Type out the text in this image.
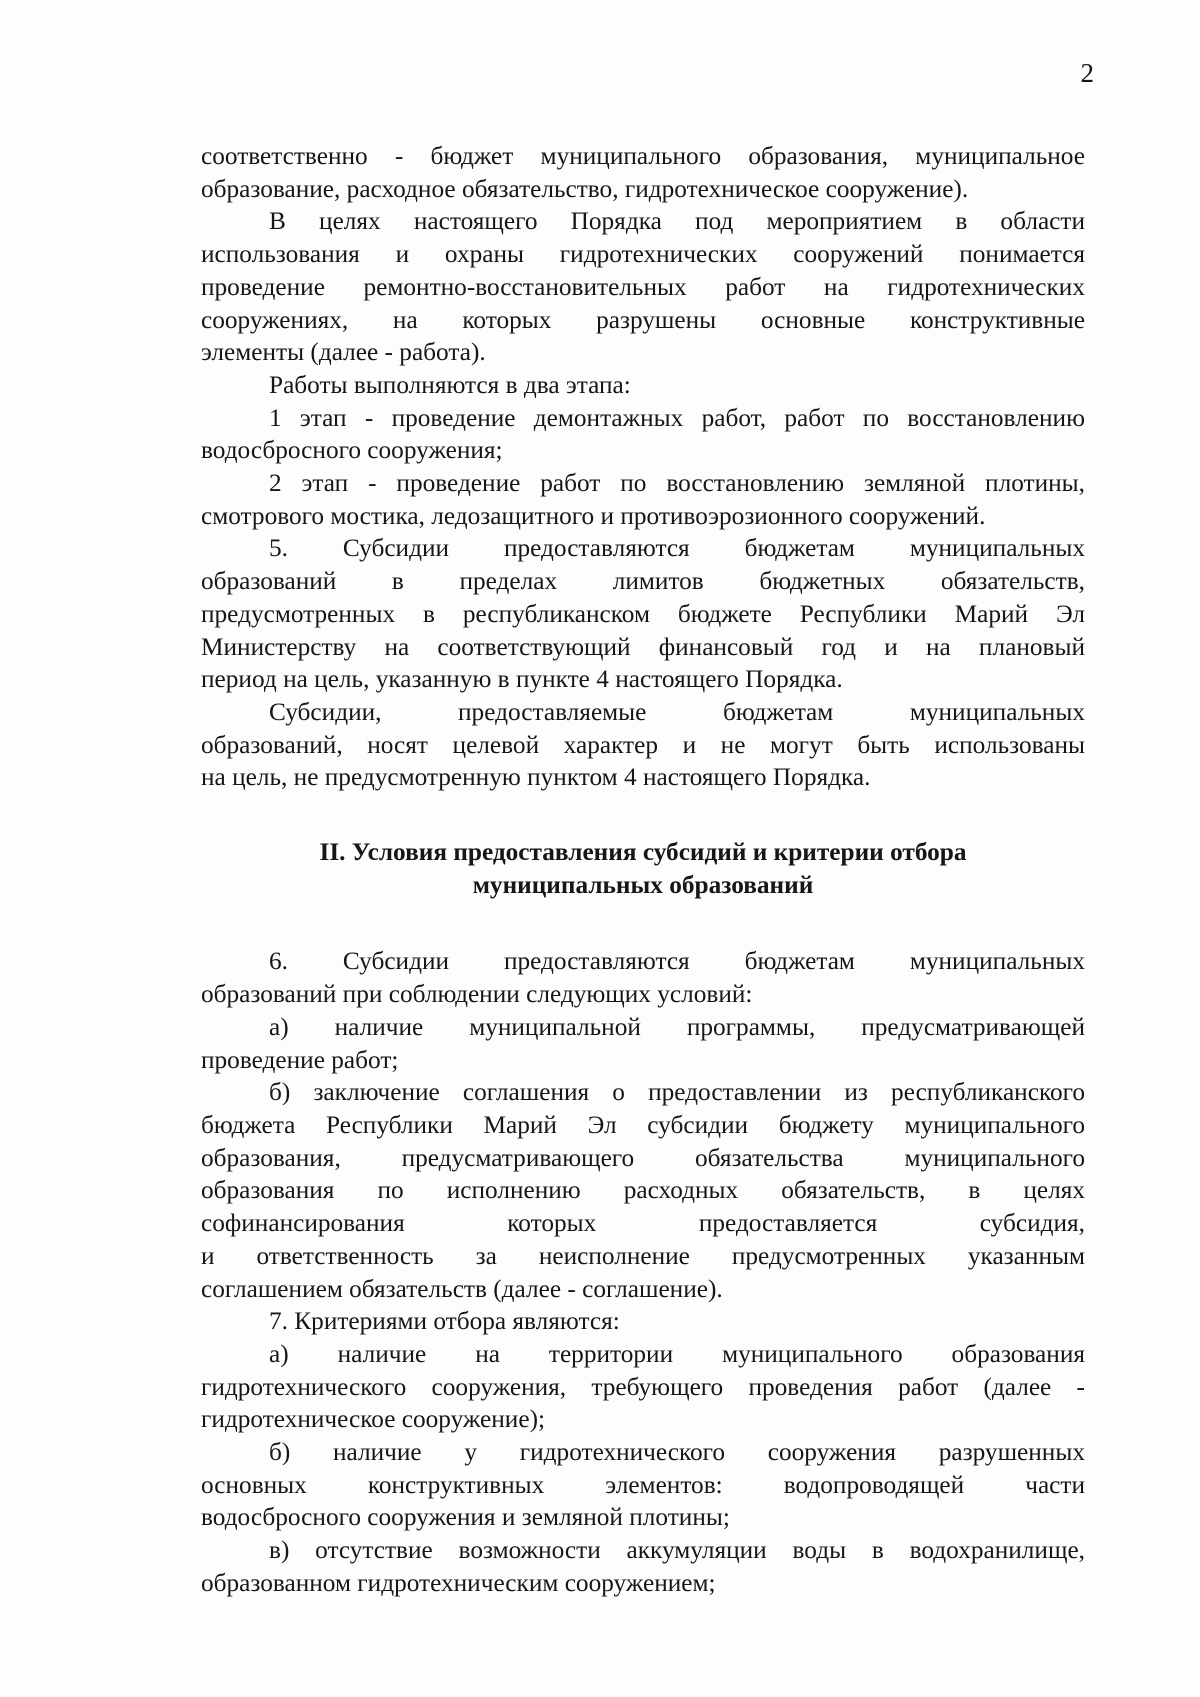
2
соответственно - бюджет муниципального образования, муниципальное
образование, расходное обязательство, гидротехническое сооружение).
В целях настоящего Порядка под мероприятием в области
использования и охраны гидротехнических сооружений понимается
проведение ремонтно-восстановительных работ на гидротехнических
сооружениях, на которых разрушены основные конструктивные
элементы (далее - работа).
Работы выполняются в два этапа:
1 этап - проведение демонтажных работ, работ по восстановлению
водосбросного сооружения;
2 этап - проведение работ по восстановлению земляной плотины,
смотрового мостика, ледозащитного и противоэрозионного сооружений.
5. Субсидии предоставляются бюджетам муниципальных
образований в пределах лимитов бюджетных обязательств,
предусмотренных в республиканском бюджете Республики Марий Эл
Министерству на соответствующий финансовый год и на плановый
период на цель, указанную в пункте 4 настоящего Порядка.
Субсидии, предоставляемые бюджетам муниципальных
образований, носят целевой характер и не могут быть использованы
на цель, не предусмотренную пунктом 4 настоящего Порядка.
II. Условия предоставления субсидий и критерии отбора
муниципальных образований
6. Субсидии предоставляются бюджетам муниципальных
образований при соблюдении следующих условий:
а) наличие муниципальной программы, предусматривающей
проведение работ;
б) заключение соглашения о предоставлении из республиканского
бюджета Республики Марий Эл субсидии бюджету муниципального
образования, предусматривающего обязательства муниципального
образования по исполнению расходных обязательств, в целях
софинансирования которых предоставляется субсидия,
и ответственность за неисполнение предусмотренных указанным
соглашением обязательств (далее - соглашение).
7. Критериями отбора являются:
а) наличие на территории муниципального образования
гидротехнического сооружения, требующего проведения работ (далее -
гидротехническое сооружение);
б) наличие у гидротехнического сооружения разрушенных
основных конструктивных элементов: водопроводящей части
водосбросного сооружения и земляной плотины;
в) отсутствие возможности аккумуляции воды в водохранилище,
образованном гидротехническим сооружением;
